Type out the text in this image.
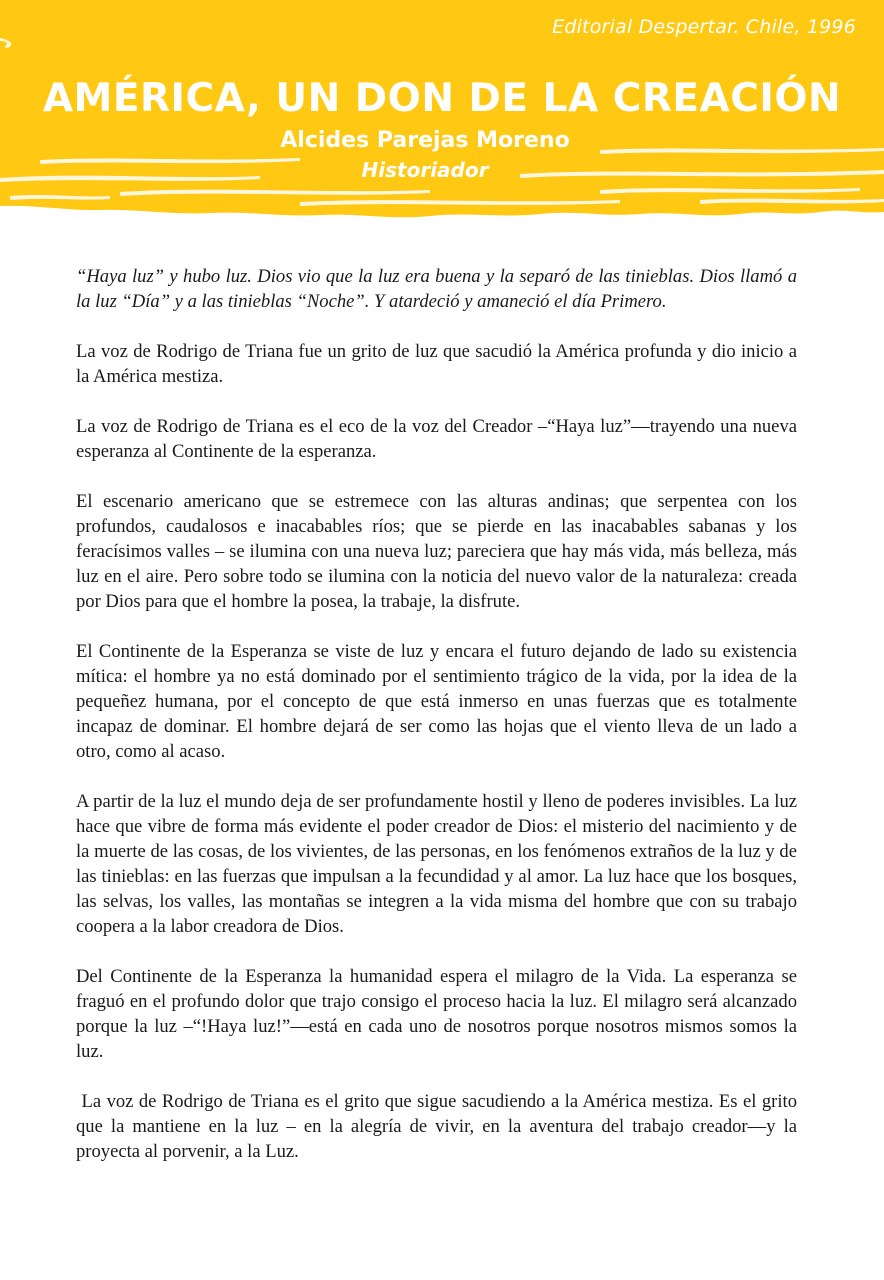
Editorial Despertar. Chile, 1996
AMÉRICA, UN DON DE LA CREACIÓN
Alcides Parejas Moreno
Historiador

“Haya luz” y hubo luz. Dios vio que la luz era buena y la separó de las tinieblas. Dios llamó a la luz “Día” y a las tinieblas “Noche”. Y atardeció y amaneció el día Primero.

La voz de Rodrigo de Triana fue un grito de luz que sacudió la América profunda y dio inicio a la América mestiza.

La voz de Rodrigo de Triana es el eco de la voz del Creador –“Haya luz”—trayendo una nueva esperanza al Continente de la esperanza.

El escenario americano que se estremece con las alturas andinas; que serpentea con los profundos, caudalosos e inacabables ríos; que se pierde en las inacabables sabanas y los feracísimos valles – se ilumina con una nueva luz; pareciera que hay más vida, más belleza, más luz en el aire. Pero sobre todo se ilumina con la noticia del nuevo valor de la naturaleza: creada por Dios para que el hombre la posea, la trabaje, la disfrute.

El Continente de la Esperanza se viste de luz y encara el futuro dejando de lado su existencia mítica: el hombre ya no está dominado por el sentimiento trágico de la vida, por la idea de la pequeñez humana, por el concepto de que está inmerso en unas fuerzas que es totalmente incapaz de dominar. El hombre dejará de ser como las hojas que el viento lleva de un lado a otro, como al acaso.

A partir de la luz el mundo deja de ser profundamente hostil y lleno de poderes invisibles. La luz hace que vibre de forma más evidente el poder creador de Dios: el misterio del nacimiento y de la muerte de las cosas, de los vivientes, de las personas, en los fenómenos extraños de la luz y de las tinieblas: en las fuerzas que impulsan a la fecundidad y al amor. La luz hace que los bosques, las selvas, los valles, las montañas se integren a la vida misma del hombre que con su trabajo coopera a la labor creadora de Dios.

Del Continente de la Esperanza la humanidad espera el milagro de la Vida. La esperanza se fraguó en el profundo dolor que trajo consigo el proceso hacia la luz. El milagro será alcanzado porque la luz –“!Haya luz!”—está en cada uno de nosotros porque nosotros mismos somos la luz.

La voz de Rodrigo de Triana es el grito que sigue sacudiendo a la América mestiza. Es el grito que la mantiene en la luz – en la alegría de vivir, en la aventura del trabajo creador—y la proyecta al porvenir, a la Luz.
